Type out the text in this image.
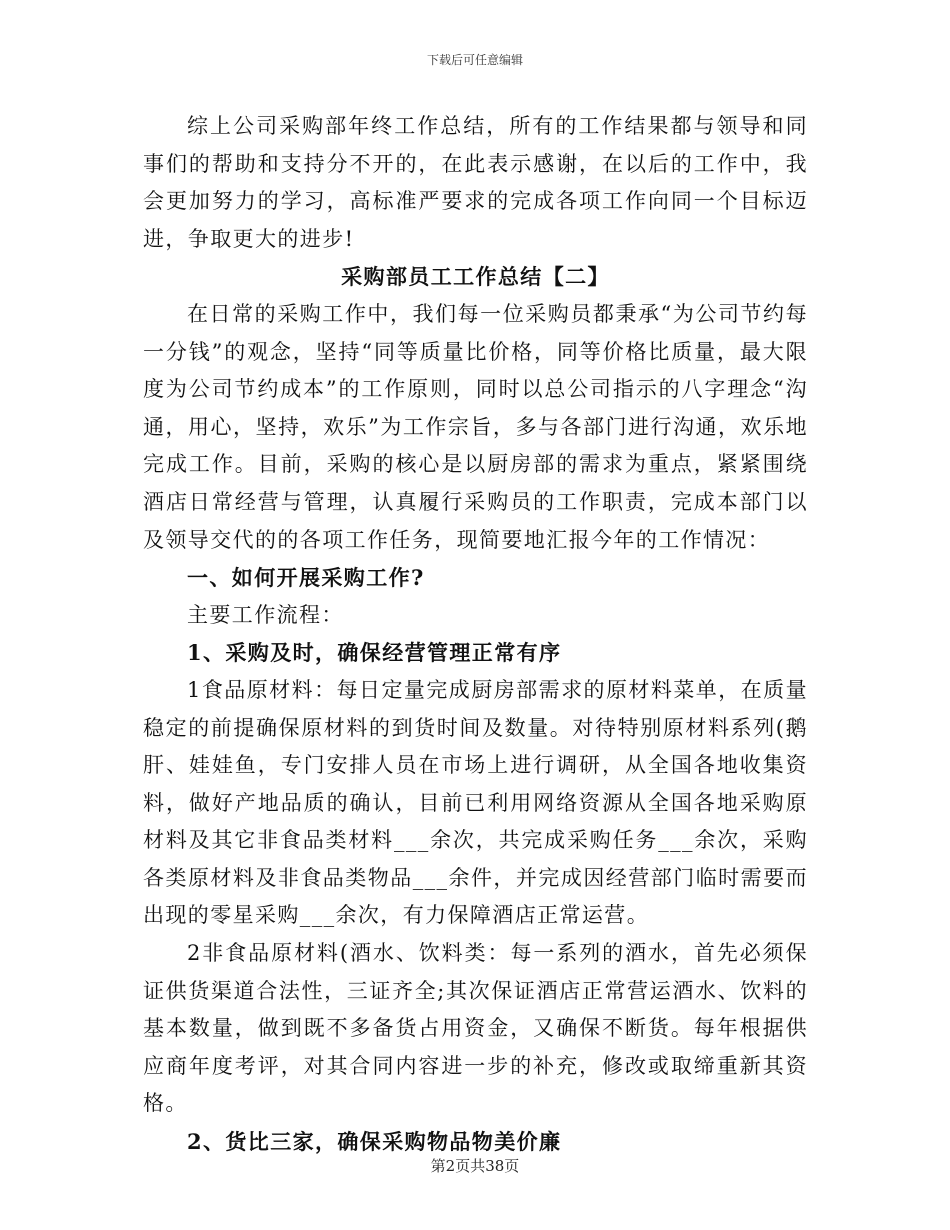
下载后可任意编辑

综上公司采购部年终工作总结，所有的工作结果都与领导和同事们的帮助和支持分不开的，在此表示感谢，在以后的工作中，我会更加努力的学习，高标准严要求的完成各项工作向同一个目标迈进，争取更大的进步!

采购部员工工作总结【二】

在日常的采购工作中，我们每一位采购员都秉承“为公司节约每一分钱”的观念，坚持“同等质量比价格，同等价格比质量，最大限度为公司节约成本”的工作原则，同时以总公司指示的八字理念“沟通，用心，坚持，欢乐”为工作宗旨，多与各部门进行沟通，欢乐地完成工作。目前，采购的核心是以厨房部的需求为重点，紧紧围绕酒店日常经营与管理，认真履行采购员的工作职责，完成本部门以及领导交代的的各项工作任务，现简要地汇报今年的工作情况：

一、如何开展采购工作?

主要工作流程：

1、采购及时，确保经营管理正常有序

1食品原材料：每日定量完成厨房部需求的原材料菜单，在质量稳定的前提确保原材料的到货时间及数量。对待特别原材料系列(鹅肝、娃娃鱼，专门安排人员在市场上进行调研，从全国各地收集资料，做好产地品质的确认，目前已利用网络资源从全国各地采购原材料及其它非食品类材料___余次，共完成采购任务___余次，采购各类原材料及非食品类物品___余件，并完成因经营部门临时需要而出现的零星采购___余次，有力保障酒店正常运营。

2非食品原材料(酒水、饮料类：每一系列的酒水，首先必须保证供货渠道合法性，三证齐全;其次保证酒店正常营运酒水、饮料的基本数量，做到既不多备货占用资金，又确保不断货。每年根据供应商年度考评，对其合同内容进一步的补充，修改或取缔重新其资格。

2、货比三家，确保采购物品物美价廉

第2页共38页
